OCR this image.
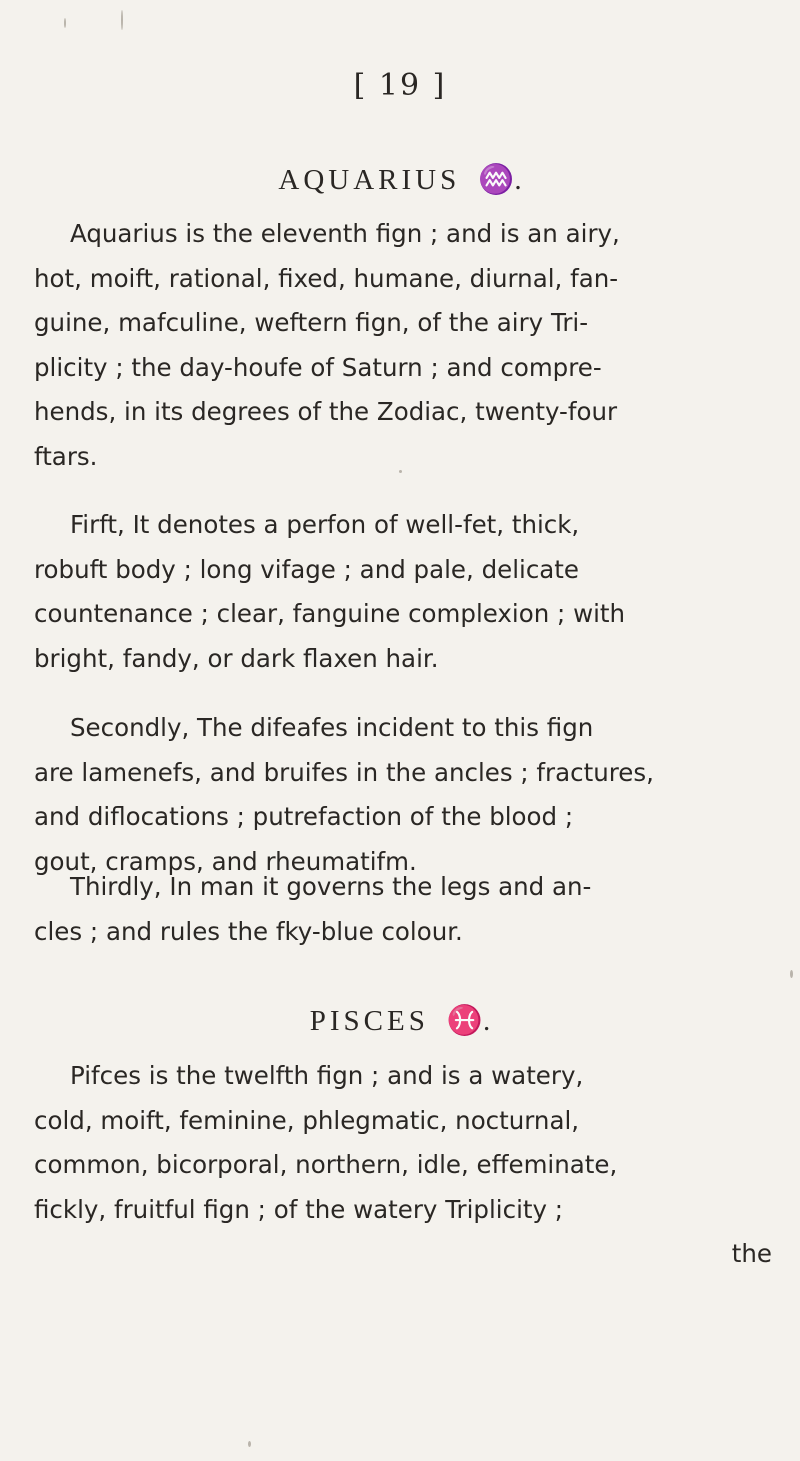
[ 19 ]
AQUARIUS ♒.

Aquarius is the eleventh fign ; and is an airy,
hot, moift, rational, fixed, humane, diurnal, fan-
guine, mafculine, weftern fign, of the airy Tri-
plicity ; the day-houfe of Saturn ; and compre-
hends, in its degrees of the Zodiac, twenty-four
ftars.

Firft, It denotes a perfon of well-fet, thick,
robuft body ; long vifage ; and pale, delicate
countenance ; clear, fanguine complexion ; with
bright, fandy, or dark flaxen hair.

Secondly, The difeafes incident to this fign
are lamenefs, and bruifes in the ancles ; fractures,
and diflocations ; putrefaction of the blood ;
gout, cramps, and rheumatifm.

Thirdly, In man it governs the legs and an-
cles ; and rules the fky-blue colour.

PISCES ♓.

Pifces is the twelfth fign ; and is a watery,
cold, moift, feminine, phlegmatic, nocturnal,
common, bicorporal, northern, idle, effeminate,
fickly, fruitful fign ; of the watery Triplicity ;
the
